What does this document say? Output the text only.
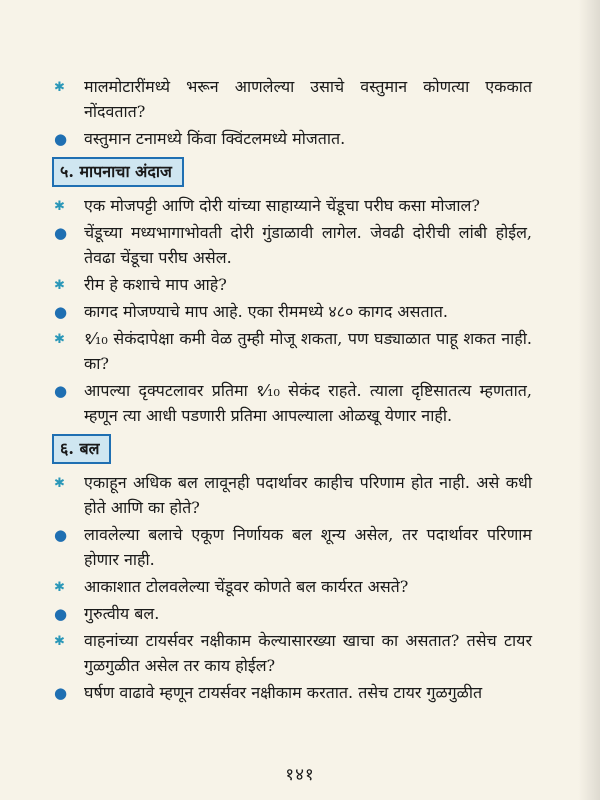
✱ मालमोटारींमध्ये भरून आणलेल्या उसाचे वस्तुमान कोणत्या एककात नोंदवतात?
● वस्तुमान टनामध्ये किंवा क्विंटलमध्ये मोजतात.
५. मापनाचा अंदाज
✱ एक मोजपट्टी आणि दोरी यांच्या साहाय्याने चेंडूचा परीघ कसा मोजाल?
● चेंडूच्या मध्यभागाभोवती दोरी गुंडाळावी लागेल. जेवढी दोरीची लांबी होईल, तेवढा चेंडूचा परीघ असेल.
✱ रीम हे कशाचे माप आहे?
● कागद मोजण्याचे माप आहे. एका रीममध्ये ४८० कागद असतात.
✱ १⁄₁₀ सेकंदापेक्षा कमी वेळ तुम्ही मोजू शकता, पण घड्याळात पाहू शकत नाही. का?
● आपल्या दृक्पटलावर प्रतिमा १⁄₁₀ सेकंद राहते. त्याला दृष्टिसातत्य म्हणतात, म्हणून त्या आधी पडणारी प्रतिमा आपल्याला ओळखू येणार नाही.
६. बल
✱ एकाहून अधिक बल लावूनही पदार्थावर काहीच परिणाम होत नाही. असे कधी होते आणि का होते?
● लावलेल्या बलाचे एकूण निर्णायक बल शून्य असेल, तर पदार्थावर परिणाम होणार नाही.
✱ आकाशात टोलवलेल्या चेंडूवर कोणते बल कार्यरत असते?
● गुरुत्वीय बल.
✱ वाहनांच्या टायर्सवर नक्षीकाम केल्यासारख्या खाचा का असतात? तसेच टायर गुळगुळीत असेल तर काय होईल?
● घर्षण वाढावे म्हणून टायर्सवर नक्षीकाम करतात. तसेच टायर गुळगुळीत
१४१
